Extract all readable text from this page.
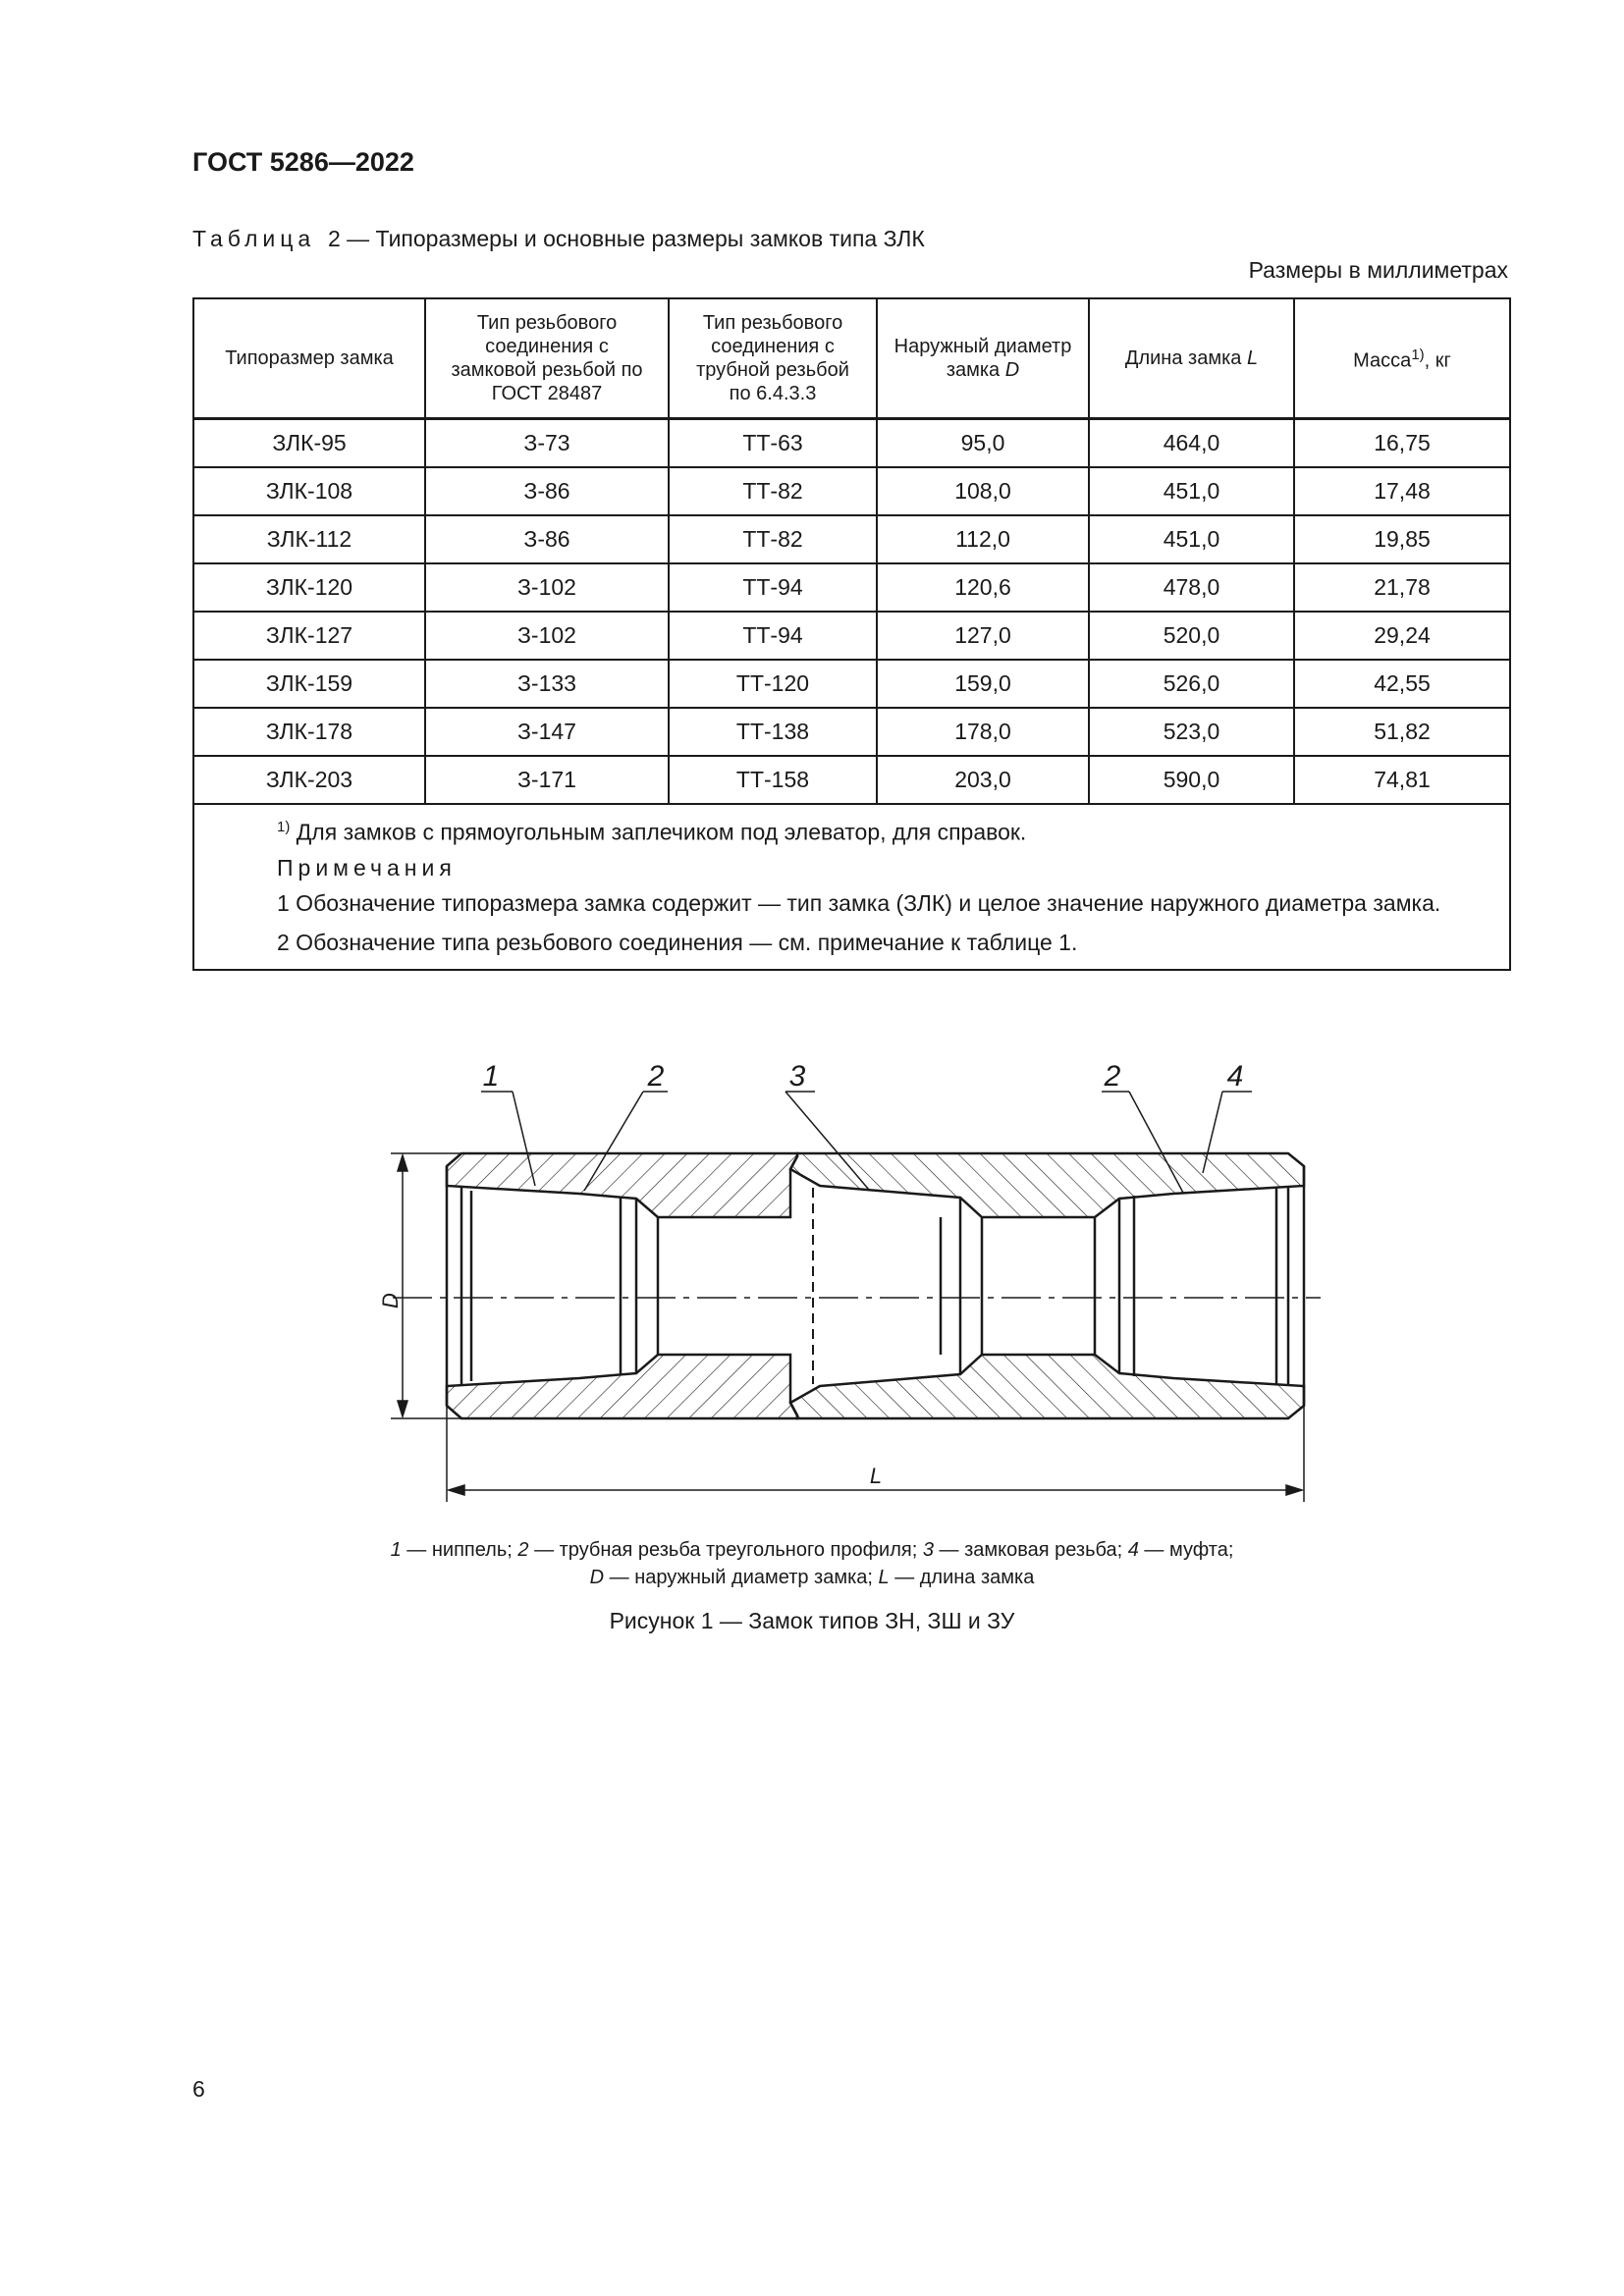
ГОСТ 5286—2022
Таблица 2 — Типоразмеры и основные размеры замков типа ЗЛК
Размеры в миллиметрах
Типоразмер замка	Тип резьбового соединения с замковой резьбой по ГОСТ 28487	Тип резьбового соединения с трубной резьбой по 6.4.3.3	Наружный диаметр замка D	Длина замка L	Масса$^{1)}$, кг
ЗЛК-95	З-73	ТТ-63	95,0	464,0	16,75
ЗЛК-108	З-86	ТТ-82	108,0	451,0	17,48
ЗЛК-112	З-86	ТТ-82	112,0	451,0	19,85
ЗЛК-120	З-102	ТТ-94	120,6	478,0	21,78
ЗЛК-127	З-102	ТТ-94	127,0	520,0	29,24
ЗЛК-159	З-133	ТТ-120	159,0	526,0	42,55
ЗЛК-178	З-147	ТТ-138	178,0	523,0	51,82
ЗЛК-203	З-171	ТТ-158	203,0	590,0	74,81

$^{1)}$ Для замков с прямоугольным заплечиком под элеватор, для справок.

Примечания

1 Обозначение типоразмера замка содержит — тип замка (ЗЛК) и целое значение наружного диаметра замка.

2 Обозначение типа резьбового соединения — см. примечание к таблице 1.					

D
L
1	2	3	2	4
1 — ниппель; 2 — трубная резьба треугольного профиля; 3 — замковая резьба; 4 — муфта;
D — наружный диаметр замка; L — длина замка
Рисунок 1 — Замок типов ЗН, ЗШ и ЗУ
6
